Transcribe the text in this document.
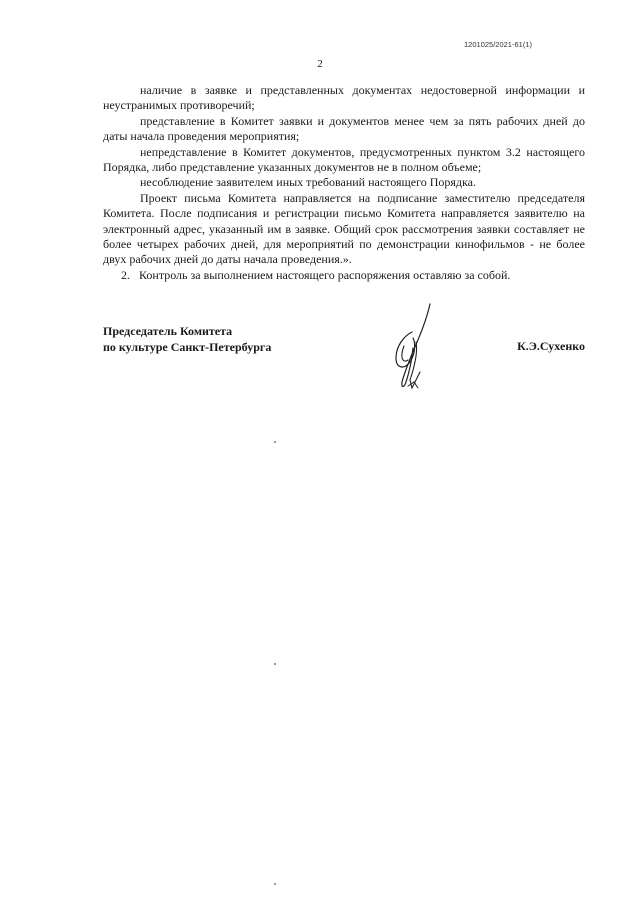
1201025/2021-61(1)
2

наличие в заявке и представленных документах недостоверной информации и неустранимых противоречий;

представление в Комитет заявки и документов менее чем за пять рабочих дней до даты начала проведения мероприятия;

непредставление в Комитет документов, предусмотренных пунктом 3.2 настоящего Порядка, либо представление указанных документов не в полном объеме;

несоблюдение заявителем иных требований настоящего Порядка.

Проект письма Комитета направляется на подписание заместителю председателя Комитета. После подписания и регистрации письмо Комитета направляется заявителю на электронный адрес, указанный им в заявке. Общий срок рассмотрения заявки составляет не более четырех рабочих дней, для мероприятий по демонстрации кинофильмов - не более двух рабочих дней до даты начала проведения.».

2. Контроль за выполнением настоящего распоряжения оставляю за собой.
Председатель Комитета
по культуре Санкт-Петербурга	К.Э.Сухенко
